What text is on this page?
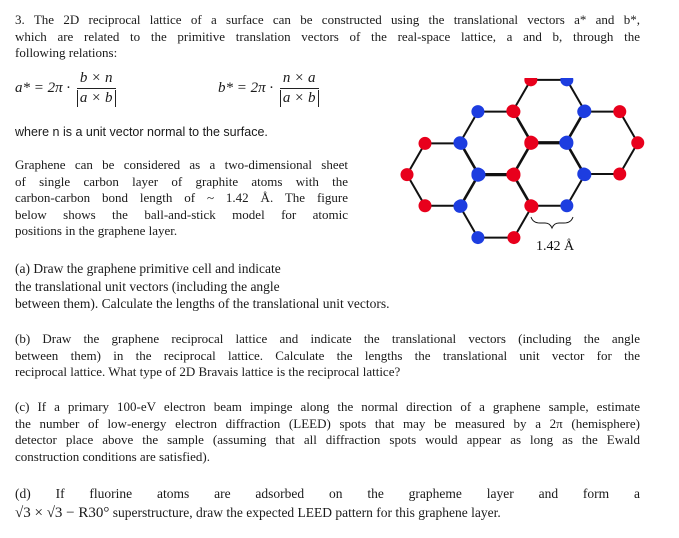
3. The 2D reciprocal lattice of a surface can be constructed using the translational vectors a* and b*,
which are related to the primitive translation vectors of the real-space lattice, a and b, through the
following relations:
$a* = 2\pi \cdot \frac{b \times n}{a \times b}$	$b* = 2\pi \cdot \frac{n \times a}{a \times b}$
where n is a unit vector normal to the surface.
Graphene can be considered as a two-dimensional sheet
of single carbon layer of graphite atoms with the
carbon-carbon bond length of ~ 1.42 Å. The figure
below shows the ball-and-stick model for atomic
positions in the graphene layer.
1.42 Å
(a) Draw the graphene primitive cell and indicate
the translational unit vectors (including the angle
between them). Calculate the lengths of the translational unit vectors.
(b) Draw the graphene reciprocal lattice and indicate the translational vectors (including the angle
between them) in the reciprocal lattice. Calculate the lengths the translational unit vector for the
reciprocal lattice. What type of 2D Bravais lattice is the reciprocal lattice?
(c) If a primary 100-eV electron beam impinge along the normal direction of a graphene sample, estimate
the number of low-energy electron diffraction (LEED) spots that may be measured by a 2π (hemisphere)
detector place above the sample (assuming that all diffraction spots would appear as long as the Ewald
construction conditions are satisfied).
(d) If fluorine atoms are adsorbed on the grapheme layer and form a
√3 × √3 − R30° superstructure, draw the expected LEED pattern for this graphene layer.
